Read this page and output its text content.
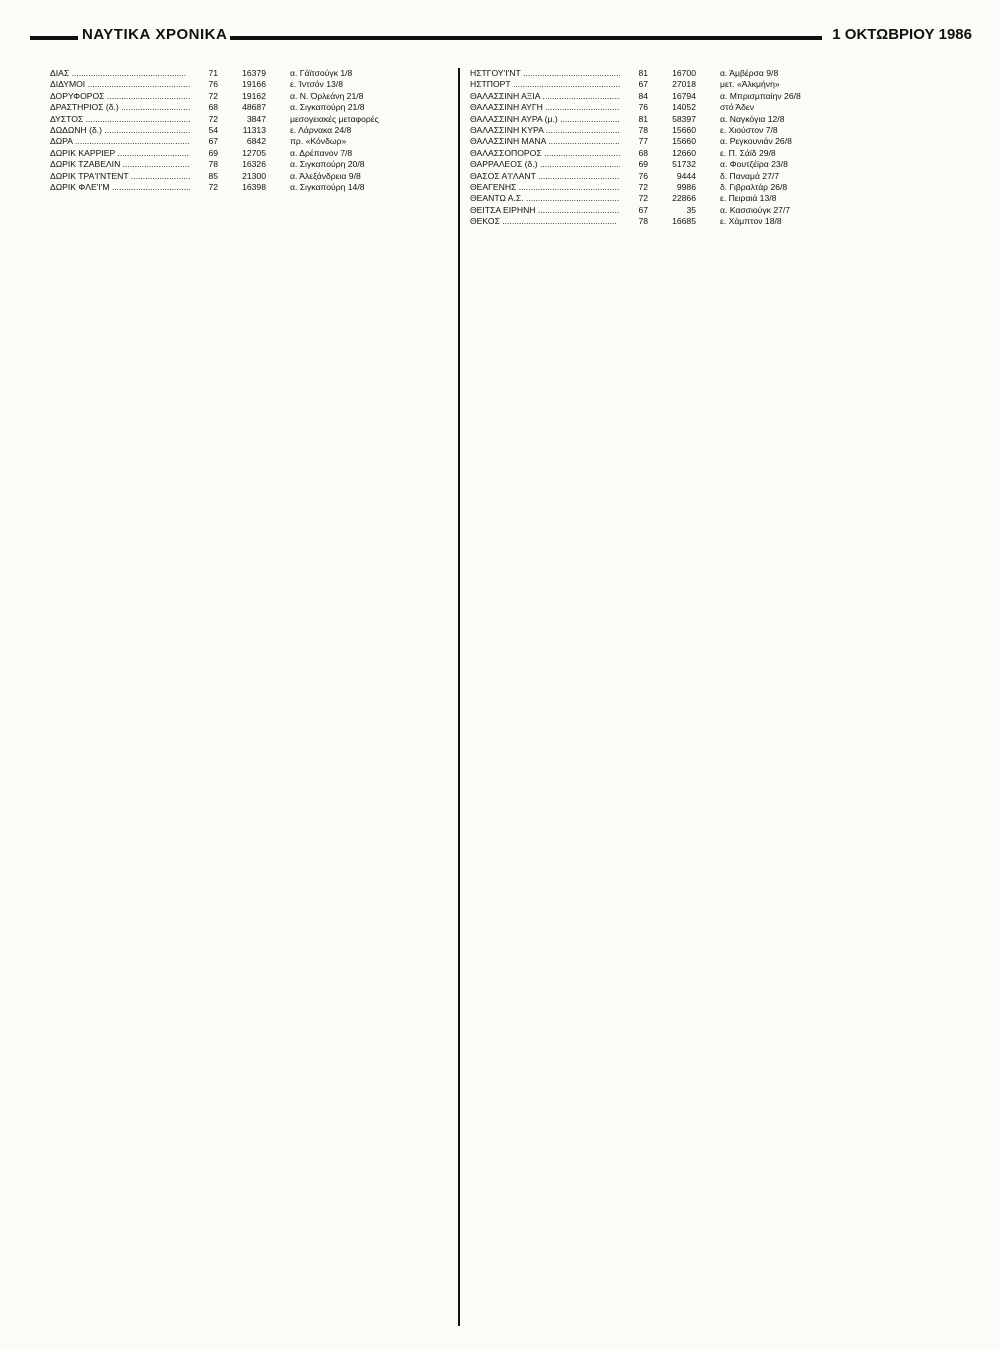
ΝΑΥΤΙΚΑ ΧΡΟΝΙΚΑ	1 ΟΚΤΩΒΡΙΟΥ 1986
ΔΙΑΣ .....	71	16379	α. Γάϊτσούγκ 1/8
ΔΙΔΥΜΟΙ .....	76	19166	ε. Ίντσόν 13/8
ΔΟΡΥΦΟΡΟΣ .....	72	19162	α. Ν. Όρλεάνη 21/8
ΔΡΑΣΤΗΡΙΟΣ (δ.) .....	68	48687	α. Σιγκαπούρη 21/8
ΔΥΣΤΟΣ .....	72	3847	μεσογειακές μεταφορές
ΔΩΔΩΝΗ (δ.) .....	54	11313	ε. Λάρνακα 24/8
ΔΩΡΑ .....	67	6842	πρ. «Κόνδωρ»
ΔΩΡΙΚ ΚΑΡΡΙΕΡ .....	69	12705	α. Δρέπανον 7/8
ΔΩΡΙΚ ΤΖΑΒΕΛΙΝ .....	78	16326	α. Σιγκαπούρη 20/8
ΔΩΡΙΚ ΤΡΑ'Ι'ΝΤΕΝΤ .....	85	21300	α. Άλεξάνδρεια 9/8
ΔΩΡΙΚ ΦΛΕ'Ι'Μ .....	72	16398	α. Σιγκαπούρη 14/8
ΗΣΤΓΟΥ'Ι'ΝΤ .....	81	16700	α. Άμβέρσα 9/8
ΗΣΤΠΟΡΤ .....	67	27018	μετ. «Άλκμήνη»
ΘΑΛΑΣΣΙΝΗ ΑΞΙΑ .....	84	16794	α. Μπρισμπαίην 26/8
ΘΑΛΑΣΣΙΝΗ ΑΥΓΗ .....	76	14052	στό Άδεν
ΘΑΛΑΣΣΙΝΗ ΑΥΡΑ (μ.) .....	81	58397	α. Ναγκόγια 12/8
ΘΑΛΑΣΣΙΝΗ ΚΥΡΑ .....	78	15660	ε. Χιούστον 7/8
ΘΑΛΑΣΣΙΝΗ ΜΑΝΑ .....	77	15660	α. Ρεγκουνιάν 26/8
ΘΑΛΑΣΣΟΠΟΡΟΣ .....	68	12660	ε. Π. Σάϊδ 29/8
ΘΑΡΡΑΛΕΟΣ (δ.) .....	69	51732	α. Φουτζέϊρα 23/8
ΘΑΣΟΣ Α'Ι'ΛΑΝΤ .....	76	9444	δ. Παναμά 27/7
ΘΕΑΓΕΝΗΣ .....	72	9986	δ. Γιβραλτάρ 26/8
ΘΕΑΝΤΩ Α.Σ. .....	72	22866	ε. Πειραιά 13/8
ΘΕΙΤΣΑ ΕΙΡΗΝΗ .....	67	35	α. Κασσιούγκ 27/7
ΘΕΚΟΣ .....	78	16685	ε. Χάμπτον 18/8
